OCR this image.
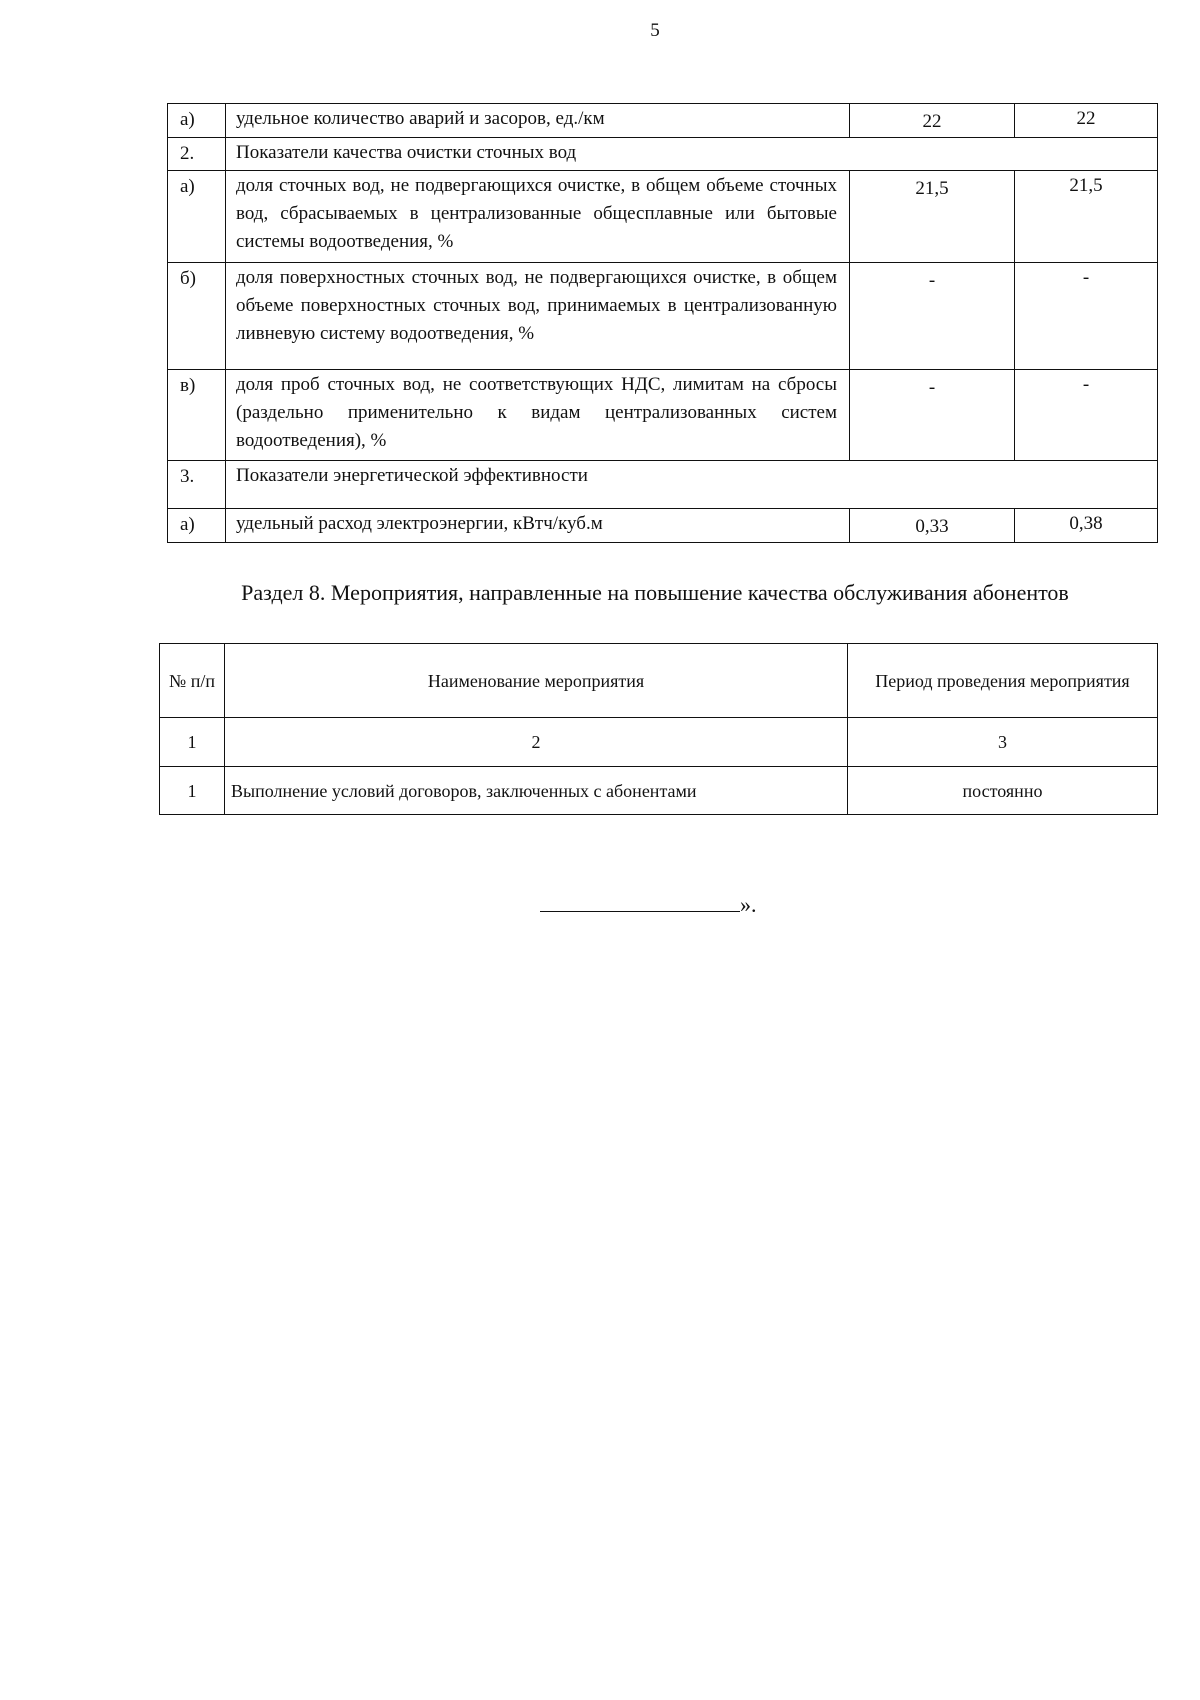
5
а)	удельное количество аварий и засоров, ед./км	22	22
2.	Показатели качества очистки сточных вод		
а)	доля сточных вод, не подвергающихся очистке, в общем объеме сточных вод, сбрасываемых в централизованные общесплавные или бытовые системы водоотведения, %	21,5	21,5
б)	доля поверхностных сточных вод, не подвергающихся очистке, в общем объеме поверхностных сточных вод, принимаемых в централизованную ливневую систему водоотведения, %	-	-
в)	доля проб сточных вод, не соответствующих НДС, лимитам на сбросы (раздельно применительно к видам централизованных систем водоотведения), %	-	-
3.	Показатели энергетической эффективности		
а)	удельный расход электроэнергии, кВтч/куб.м	0,33	0,38
Раздел 8. Мероприятия, направленные на повышение качества обслуживания абонентов
№ п/п	Наименование мероприятия	Период проведения мероприятия
1	2	3
1	Выполнение условий договоров, заключенных с абонентами	постоянно
».
